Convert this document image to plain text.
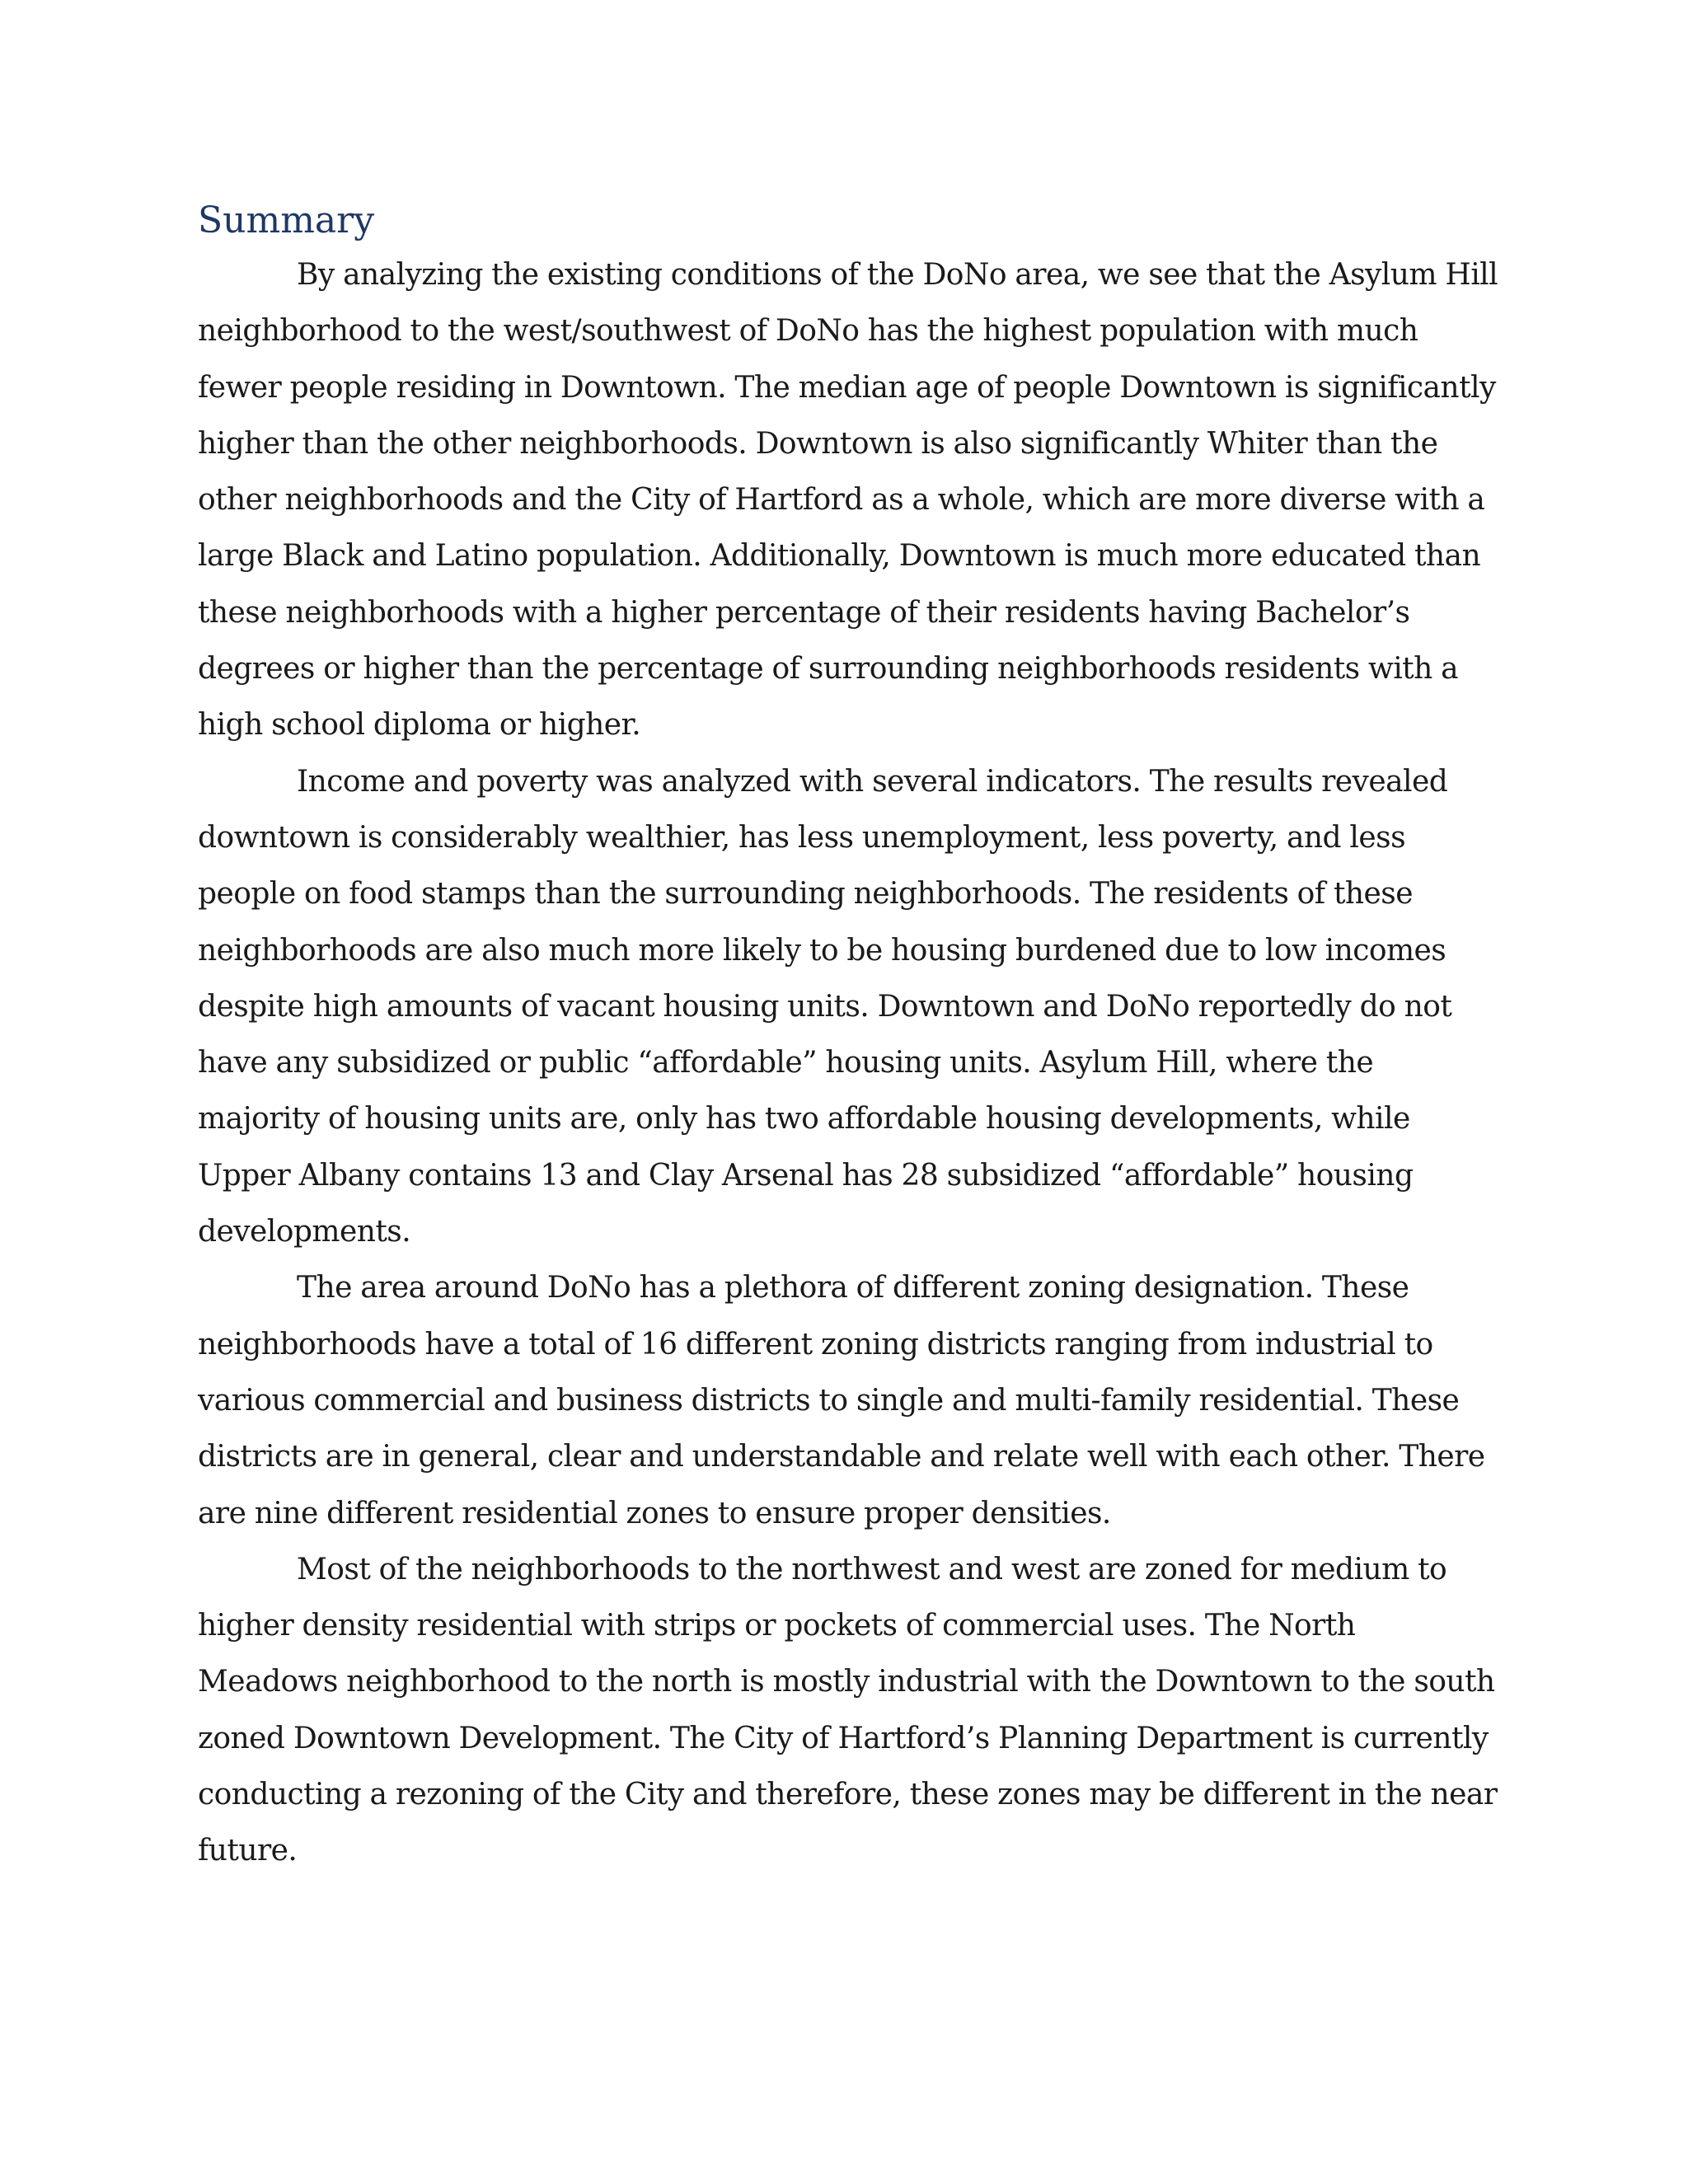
Summary

By analyzing the existing conditions of the DoNo area, we see that the Asylum Hill neighborhood to the west/southwest of DoNo has the highest population with much fewer people residing in Downtown. The median age of people Downtown is significantly higher than the other neighborhoods. Downtown is also significantly Whiter than the other neighborhoods and the City of Hartford as a whole, which are more diverse with a large Black and Latino population. Additionally, Downtown is much more educated than these neighborhoods with a higher percentage of their residents having Bachelor’s degrees or higher than the percentage of surrounding neighborhoods residents with a high school diploma or higher.

Income and poverty was analyzed with several indicators. The results revealed downtown is considerably wealthier, has less unemployment, less poverty, and less people on food stamps than the surrounding neighborhoods. The residents of these neighborhoods are also much more likely to be housing burdened due to low incomes despite high amounts of vacant housing units. Downtown and DoNo reportedly do not have any subsidized or public “affordable” housing units. Asylum Hill, where the majority of housing units are, only has two affordable housing developments, while Upper Albany contains 13 and Clay Arsenal has 28 subsidized “affordable” housing developments.

The area around DoNo has a plethora of different zoning designation. These neighborhoods have a total of 16 different zoning districts ranging from industrial to various commercial and business districts to single and multi-family residential. These districts are in general, clear and understandable and relate well with each other. There are nine different residential zones to ensure proper densities.

Most of the neighborhoods to the northwest and west are zoned for medium to higher density residential with strips or pockets of commercial uses. The North Meadows neighborhood to the north is mostly industrial with the Downtown to the south zoned Downtown Development. The City of Hartford’s Planning Department is currently conducting a rezoning of the City and therefore, these zones may be different in the near future.
